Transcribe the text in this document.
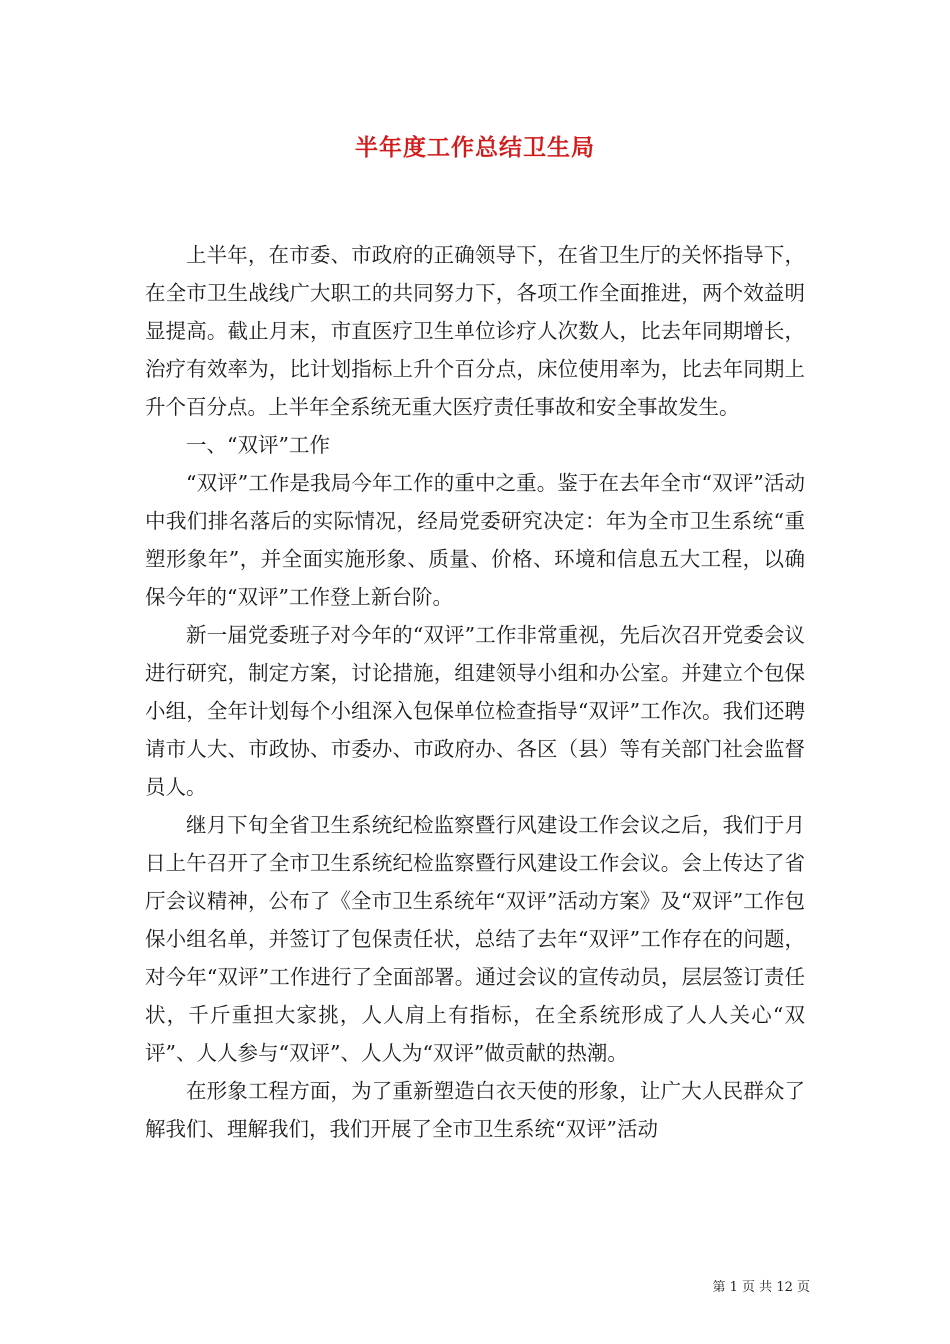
半年度工作总结卫生局

上半年，在市委、市政府的正确领导下，在省卫生厅的关怀指导下，在全市卫生战线广大职工的共同努力下，各项工作全面推进，两个效益明显提高。截止月末，市直医疗卫生单位诊疗人次数人，比去年同期增长，治疗有效率为，比计划指标上升个百分点，床位使用率为，比去年同期上升个百分点。上半年全系统无重大医疗责任事故和安全事故发生。

一、“双评”工作

“双评”工作是我局今年工作的重中之重。鉴于在去年全市“双评”活动中我们排名落后的实际情况，经局党委研究决定：年为全市卫生系统“重塑形象年”，并全面实施形象、质量、价格、环境和信息五大工程，以确保今年的“双评”工作登上新台阶。

新一届党委班子对今年的“双评”工作非常重视，先后次召开党委会议进行研究，制定方案，讨论措施，组建领导小组和办公室。并建立个包保小组，全年计划每个小组深入包保单位检查指导“双评”工作次。我们还聘请市人大、市政协、市委办、市政府办、各区（县）等有关部门社会监督员人。

继月下旬全省卫生系统纪检监察暨行风建设工作会议之后，我们于月日上午召开了全市卫生系统纪检监察暨行风建设工作会议。会上传达了省厅会议精神，公布了《全市卫生系统年“双评”活动方案》及“双评”工作包保小组名单，并签订了包保责任状，总结了去年“双评”工作存在的问题，对今年“双评”工作进行了全面部署。通过会议的宣传动员，层层签订责任状，千斤重担大家挑，人人肩上有指标，在全系统形成了人人关心“双评”、人人参与“双评”、人人为“双评”做贡献的热潮。

在形象工程方面，为了重新塑造白衣天使的形象，让广大人民群众了解我们、理解我们，我们开展了全市卫生系统“双评”活动

第 1 页 共 12 页
